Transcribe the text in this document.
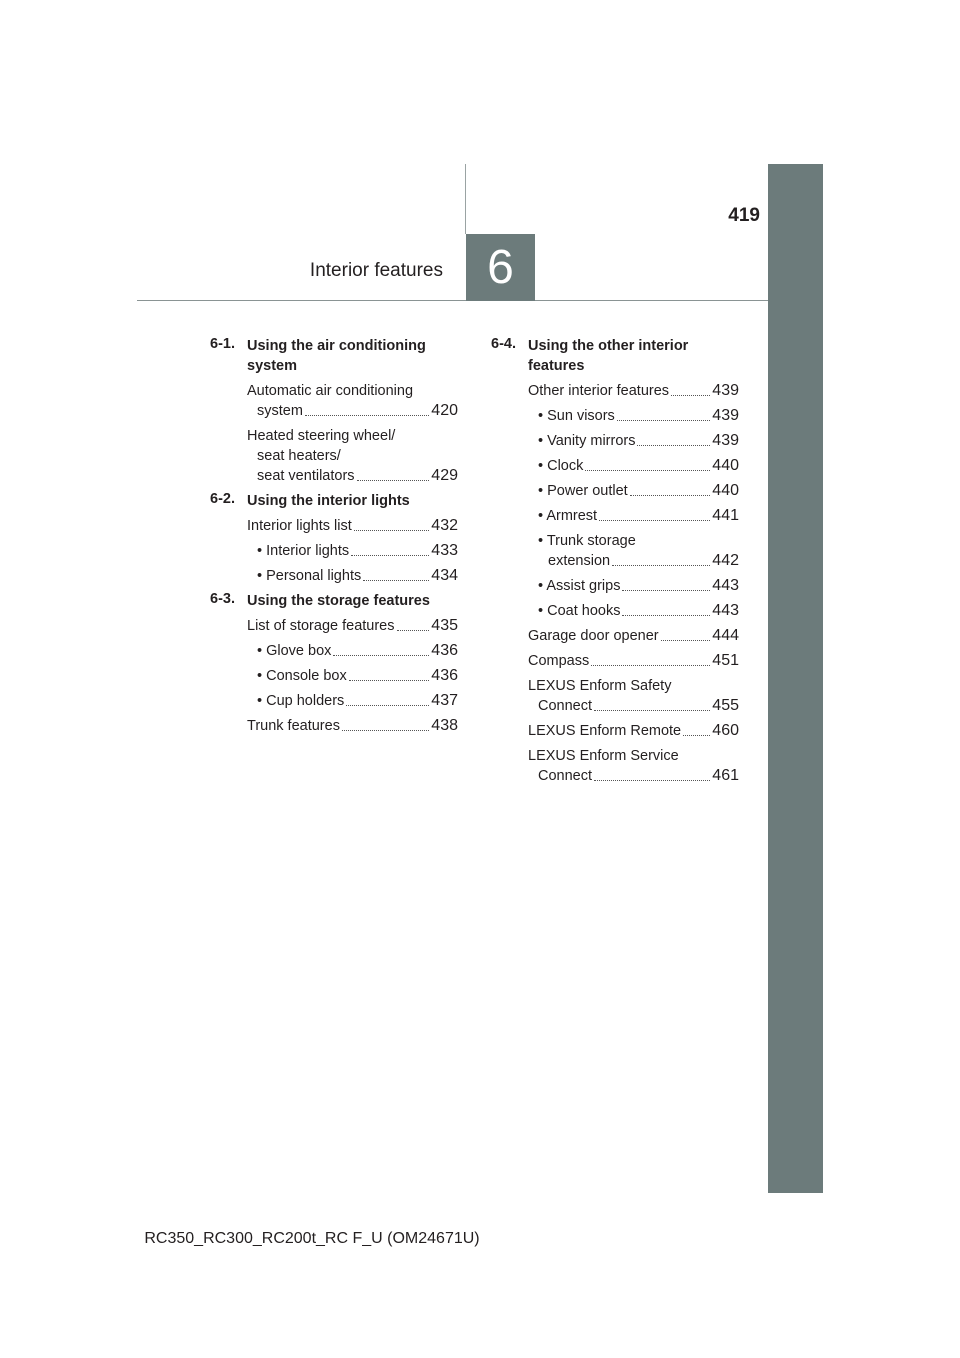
419
Interior features 6
6-1. Using the air conditioning system
Automatic air conditioning
system	420
Heated steering wheel/
seat heaters/
seat ventilators	429
6-2. Using the interior lights
Interior lights list	432
• Interior lights	433
• Personal lights	434
6-3. Using the storage features
List of storage features 435
• Glove box	436
• Console box	436
• Cup holders	437
Trunk features	438
6-4. Using the other interior features
Other interior features	439
• Sun visors	439
• Vanity mirrors	439
• Clock	440
• Power outlet	440
• Armrest	441
• Trunk storage
extension	442
• Assist grips	443
• Coat hooks	443
Garage door opener	444
Compass	451
LEXUS Enform Safety
Connect	455
LEXUS Enform Remote 460
LEXUS Enform Service
Connect	461
RC350_RC300_RC200t_RC F_U (OM24671U)
